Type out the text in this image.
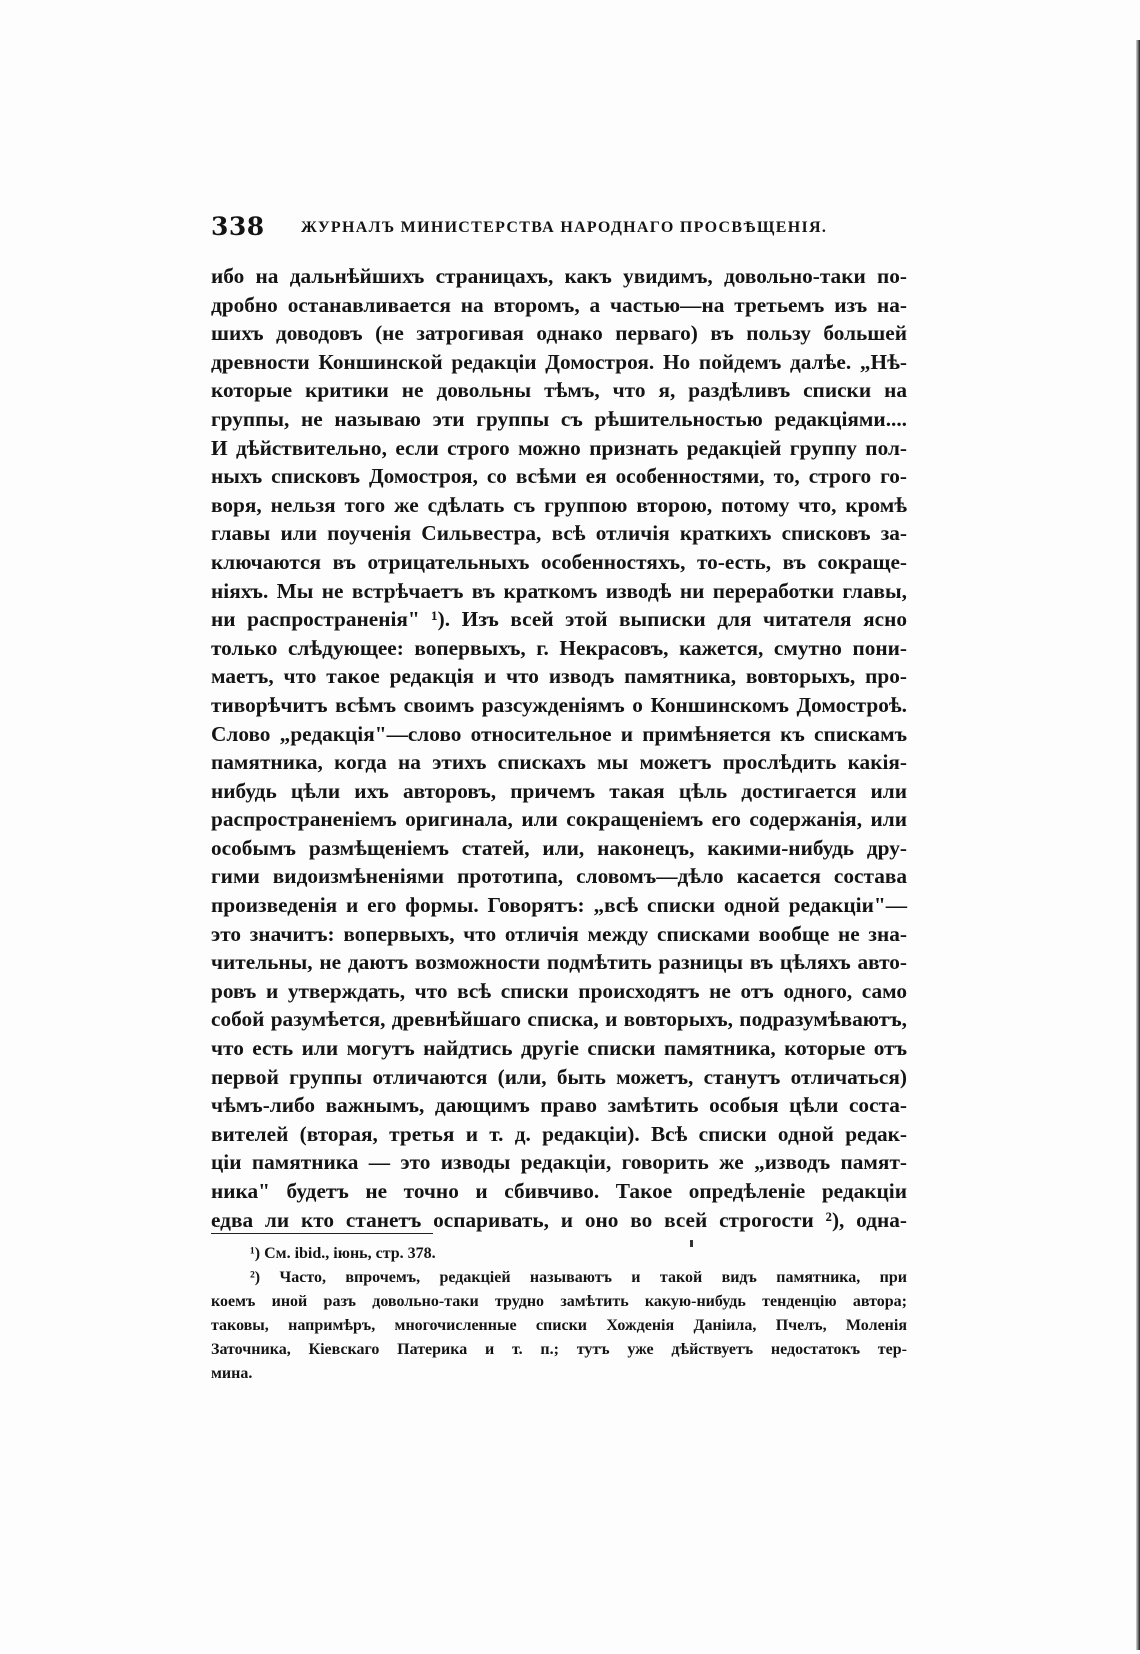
338 ЖУРНАЛЪ МИНИСТЕРСТВА НАРОДНАГО ПРОСВѢЩЕНІЯ.
ибо на дальнѣйшихъ страницахъ, какъ увидимъ, довольно-таки по-
дробно останавливается на второмъ, а частью—на третьемъ изъ на-
шихъ доводовъ (не затрогивая однако перваго) въ пользу большей
древности Коншинской редакціи Домостроя. Но пойдемъ далѣе. „Нѣ-
которые критики не довольны тѣмъ, что я, раздѣливъ списки на
группы, не называю эти группы съ рѣшительностью редакціями....
И дѣйствительно, если строго можно признать редакціей группу пол-
ныхъ списковъ Домостроя, со всѣми ея особенностями, то, строго го-
воря, нельзя того же сдѣлать съ группою второю, потому что, кромѣ
главы или поученія Сильвестра, всѣ отличія краткихъ списковъ за-
ключаются въ отрицательныхъ особенностяхъ, то-есть, въ сокраще-
ніяхъ. Мы не встрѣчаетъ въ краткомъ изводѣ ни переработки главы,
ни распространенія" ¹). Изъ всей этой выписки для читателя ясно
только слѣдующее: вопервыхъ, г. Некрасовъ, кажется, смутно пони-
маетъ, что такое редакція и что изводъ памятника, вовторыхъ, про-
тиворѣчитъ всѣмъ своимъ разсужденіямъ о Коншинскомъ Домостроѣ.
Слово „редакція"—слово относительное и примѣняется къ спискамъ
памятника, когда на этихъ спискахъ мы можетъ прослѣдить какія-
нибудь цѣли ихъ авторовъ, причемъ такая цѣль достигается или
распространеніемъ оригинала, или сокращеніемъ его содержанія, или
особымъ размѣщеніемъ статей, или, наконецъ, какими-нибудь дру-
гими видоизмѣненіями прототипа, словомъ—дѣло касается состава
произведенія и его формы. Говорятъ: „всѣ списки одной редакціи"—
это значитъ: вопервыхъ, что отличія между списками вообще не зна-
чительны, не даютъ возможности подмѣтить разницы въ цѣляхъ авто-
ровъ и утверждать, что всѣ списки происходятъ не отъ одного, само
собой разумѣется, древнѣйшаго списка, и вовторыхъ, подразумѣваютъ,
что есть или могутъ найдтись другіе списки памятника, которые отъ
первой группы отличаются (или, быть можетъ, станутъ отличаться)
чѣмъ-либо важнымъ, дающимъ право замѣтить особыя цѣли соста-
вителей (вторая, третья и т. д. редакціи). Всѣ списки одной редак-
ціи памятника — это изводы редакціи, говорить же „изводъ памят-
ника" будетъ не точно и сбивчиво. Такое опредѣленіе редакціи
едва ли кто станетъ оспаривать, и оно во всей строгости ²), одна-
¹) См. ibid., іюнь, стр. 378.
²) Часто, впрочемъ, редакціей называютъ и такой видъ памятника, при
коемъ иной разъ довольно-таки трудно замѣтить какую-нибудь тенденцію автора;
таковы, напримѣръ, многочисленные списки Хожденія Даніила, Пчелъ, Моленія
Заточника, Кіевскаго Патерика и т. п.; тутъ уже дѣйствуетъ недостатокъ тер-
мина.
